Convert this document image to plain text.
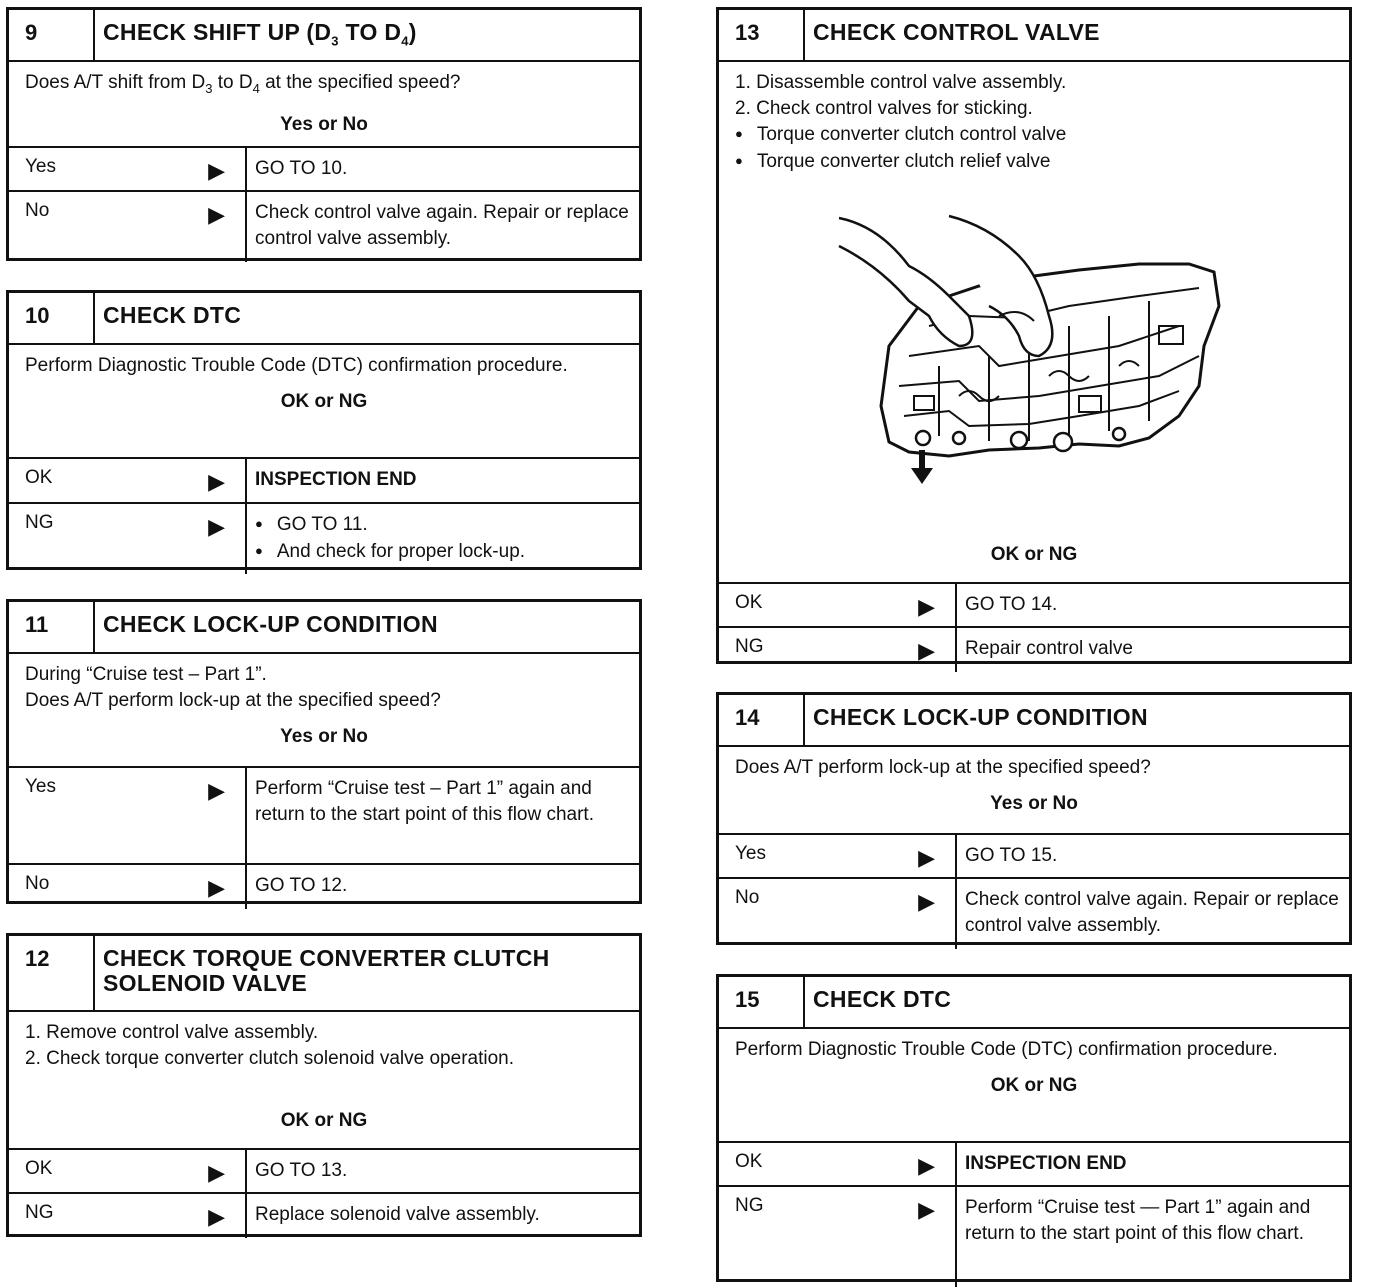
9	CHECK SHIFT UP ($D_3$ TO $D_4$)

Does A/T shift from $D_3$ to $D_4$ at the specified speed?

Yes or No
Yes	▶	GO TO 10.
No	▶	Check control valve again. Repair or replace control valve assembly.
10	CHECK DTC

Perform Diagnostic Trouble Code (DTC) confirmation procedure.

OK or NG
OK	▶	INSPECTION END
NG	▶	● GO TO 11.
● And check for proper lock-up.
11	CHECK LOCK-UP CONDITION

During “Cruise test – Part 1”.

Does A/T perform lock-up at the specified speed?

Yes or No
Yes	▶	Perform “Cruise test – Part 1” again and return to the start point of this flow chart.
No	▶	GO TO 12.
12	CHECK TORQUE CONVERTER CLUTCH SOLENOID VALVE
1. Remove control valve assembly.
2. Check torque converter clutch solenoid valve operation.
OK or NG
OK	▶	GO TO 13.
NG	▶	Replace solenoid valve assembly.
13	CHECK CONTROL VALVE
1. Disassemble control valve assembly.
2. Check control valves for sticking.
● Torque converter clutch control valve
● Torque converter clutch relief valve
OK or NG
OK	▶	GO TO 14.
NG	▶	Repair control valve
14	CHECK LOCK-UP CONDITION

Does A/T perform lock-up at the specified speed?

Yes or No
Yes	▶	GO TO 15.
No	▶	Check control valve again. Repair or replace control valve assembly.
15	CHECK DTC

Perform Diagnostic Trouble Code (DTC) confirmation procedure.

OK or NG
OK	▶	INSPECTION END
NG	▶	Perform “Cruise test — Part 1” again and return to the start point of this flow chart.
